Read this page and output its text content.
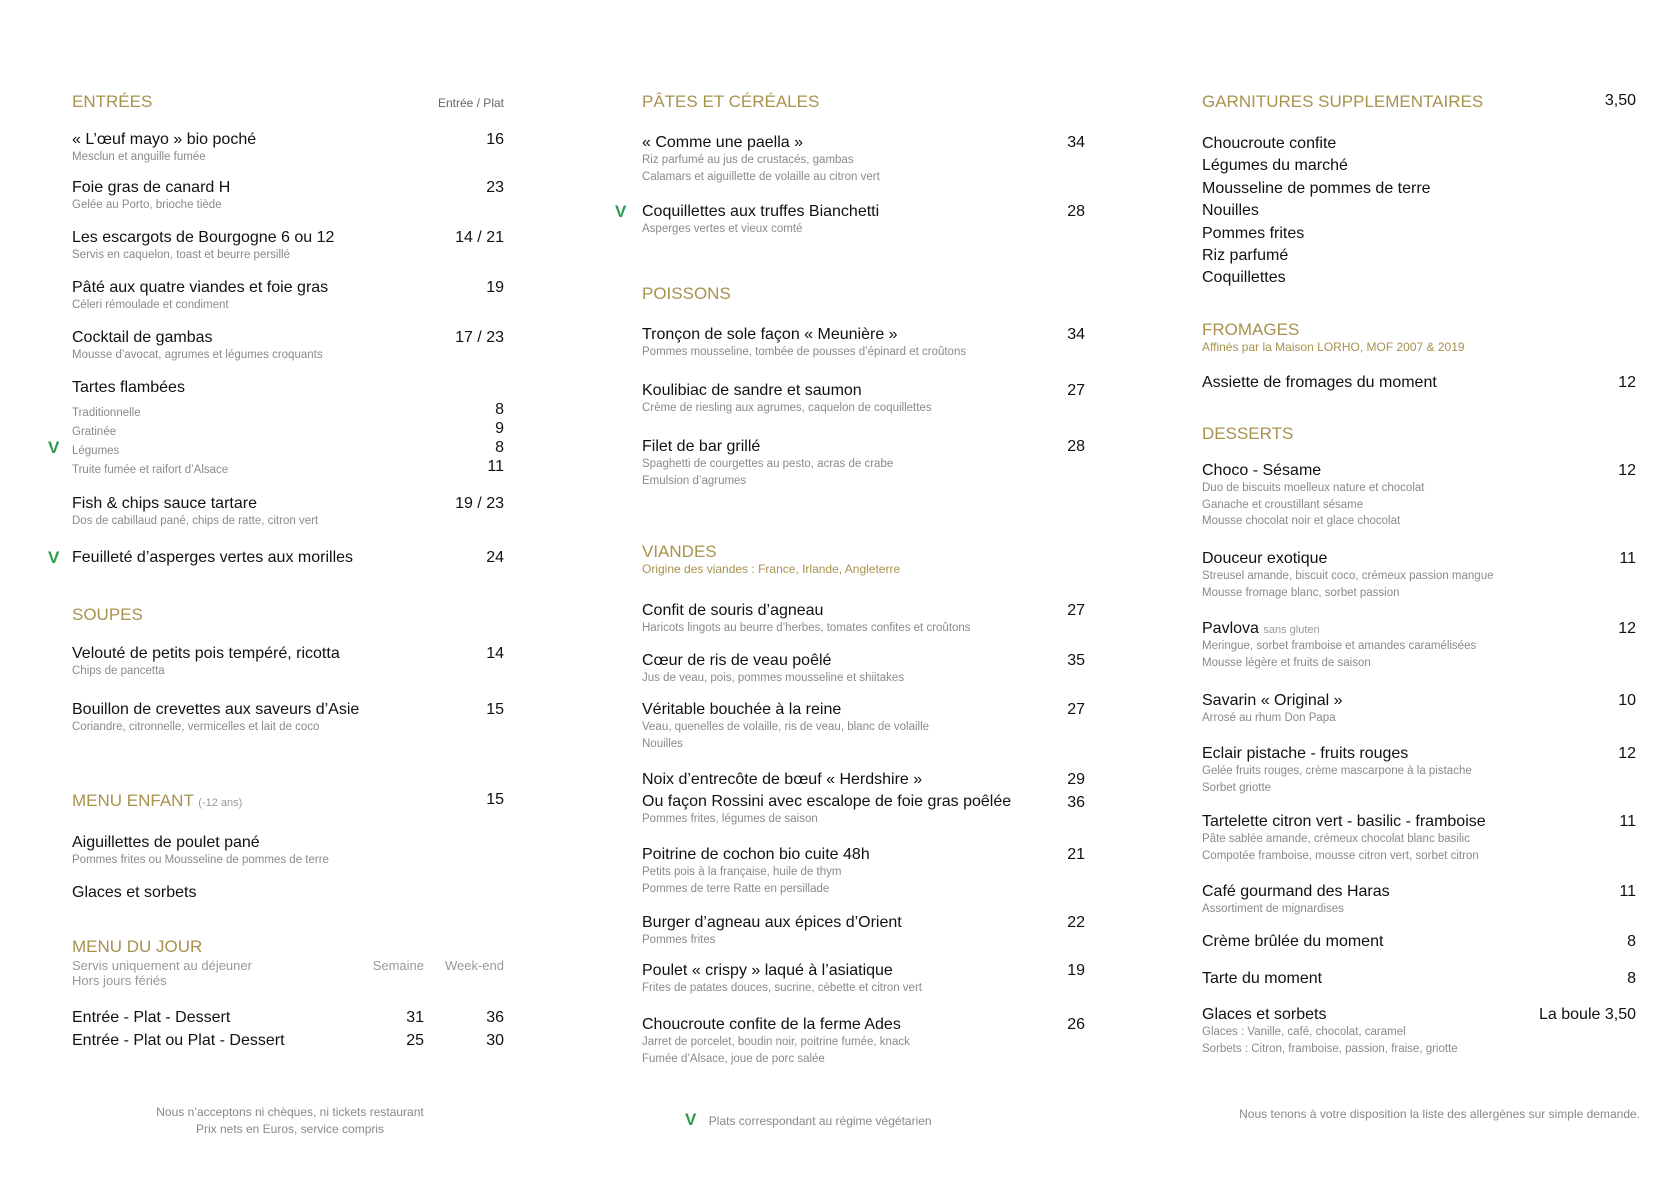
ENTRÉES	Entrée / Plat
« L’œuf mayo » bio poché	16
Mesclun et anguille fumée
Foie gras de canard H	23
Gelée au Porto, brioche tiède
Les escargots de Bourgogne 6 ou 12	14 / 21
Servis en caquelon, toast et beurre persillé
Pâté aux quatre viandes et foie gras	19
Céleri rémoulade et condiment
Cocktail de gambas	17 / 23
Mousse d’avocat, agrumes et légumes croquants
Tartes flambées
Traditionnelle	8
Gratinée	9
V Légumes	8
Truite fumée et raifort d’Alsace	11
Fish & chips sauce tartare	19 / 23
Dos de cabillaud pané, chips de ratte, citron vert
V Feuilleté d’asperges vertes aux morilles	24
SOUPES
Velouté de petits pois tempéré, ricotta	14
Chips de pancetta
Bouillon de crevettes aux saveurs d’Asie	15
Coriandre, citronnelle, vermicelles et lait de coco
MENU ENFANT (-12 ans)	15
Aiguillettes de poulet pané
Pommes frites ou Mousseline de pommes de terre
Glaces et sorbets
MENU DU JOUR
Servis uniquement au déjeuner
Hors jours fériés
Semaine Week-end
Entrée - Plat - Dessert	31	36
Entrée - Plat ou Plat - Dessert	25	30
Nous n’acceptons ni chèques, ni tickets restaurant
Prix nets en Euros, service compris
PÂTES ET CÉRÉALES
« Comme une paella »	34
Riz parfumé au jus de crustacés, gambas
Calamars et aiguillette de volaille au citron vert
V Coquillettes aux truffes Bianchetti	28
Asperges vertes et vieux comté
POISSONS
Tronçon de sole façon « Meunière »	34
Pommes mousseline, tombée de pousses d’épinard et croûtons
Koulibiac de sandre et saumon	27
Crème de riesling aux agrumes, caquelon de coquillettes
Filet de bar grillé	28
Spaghetti de courgettes au pesto, acras de crabe
Emulsion d’agrumes
VIANDES
Origine des viandes : France, Irlande, Angleterre
Confit de souris d’agneau	27
Haricots lingots au beurre d’herbes, tomates confites et croûtons
Cœur de ris de veau poêlé	35
Jus de veau, pois, pommes mousseline et shiitakes
Véritable bouchée à la reine	27
Veau, quenelles de volaille, ris de veau, blanc de volaille
Nouilles
Noix d’entrecôte de bœuf « Herdshire »	29
Ou façon Rossini avec escalope de foie gras poêlée	36
Pommes frites, légumes de saison
Poitrine de cochon bio cuite 48h	21
Petits pois à la française, huile de thym
Pommes de terre Ratte en persillade
Burger d’agneau aux épices d’Orient	22
Pommes frites
Poulet « crispy » laqué à l’asiatique	19
Frites de patates douces, sucrine, cébette et citron vert
Choucroute confite de la ferme Ades	26
Jarret de porcelet, boudin noir, poitrine fumée, knack
Fumée d’Alsace, joue de porc salée
V Plats correspondant au régime végétarien
GARNITURES SUPPLEMENTAIRES	3,50
Choucroute confite
Légumes du marché
Mousseline de pommes de terre
Nouilles
Pommes frites
Riz parfumé
Coquillettes
FROMAGES
Affinés par la Maison LORHO, MOF 2007 & 2019
Assiette de fromages du moment	12
DESSERTS
Choco - Sésame	12
Duo de biscuits moelleux nature et chocolat
Ganache et croustillant sésame
Mousse chocolat noir et glace chocolat
Douceur exotique	11
Streusel amande, biscuit coco, crémeux passion mangue
Mousse fromage blanc, sorbet passion
Pavlova sans gluten	12
Meringue, sorbet framboise et amandes caramélisées
Mousse légère et fruits de saison
Savarin « Original »	10
Arrosé au rhum Don Papa
Eclair pistache - fruits rouges	12
Gelée fruits rouges, crème mascarpone à la pistache
Sorbet griotte
Tartelette citron vert - basilic - framboise	11
Pâte sablée amande, crémeux chocolat blanc basilic
Compotée framboise, mousse citron vert, sorbet citron
Café gourmand des Haras	11
Assortiment de mignardises
Crème brûlée du moment	8
Tarte du moment	8
Glaces et sorbets	La boule 3,50
Glaces : Vanille, café, chocolat, caramel
Sorbets : Citron, framboise, passion, fraise, griotte
Nous tenons à votre disposition la liste des allergènes sur simple demande.
